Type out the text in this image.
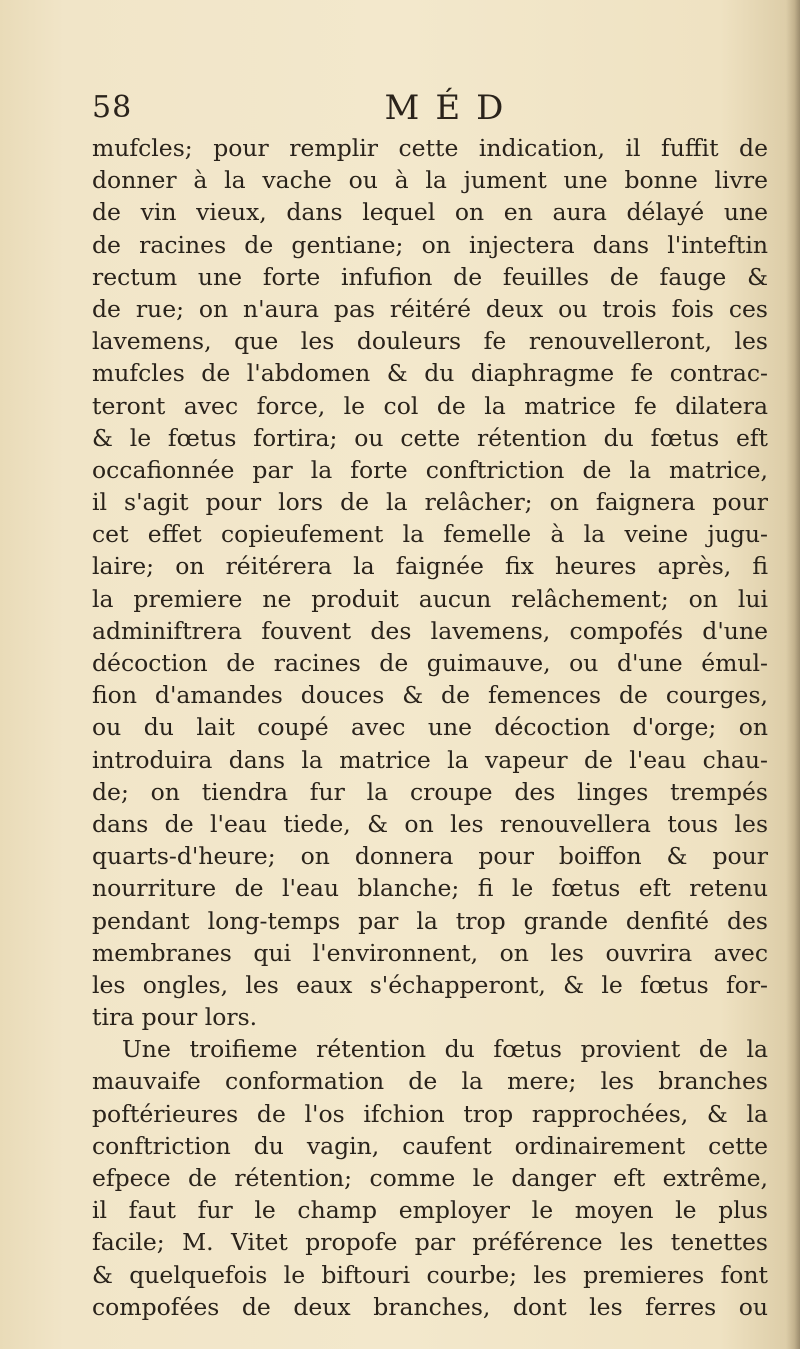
58	MÉD
mufcles; pour remplir cette indication, il fuffit de
donner à la vache ou à la jument une bonne livre
de vin vieux, dans lequel on en aura délayé une
de racines de gentiane; on injectera dans l'inteftin
rectum une forte infufion de feuilles de fauge &
de rue; on n'aura pas réitéré deux ou trois fois ces
lavemens, que les douleurs fe renouvelleront, les
mufcles de l'abdomen & du diaphragme fe contrac-
teront avec force, le col de la matrice fe dilatera
& le fœtus fortira; ou cette rétention du fœtus eft
occafionnée par la forte conftriction de la matrice,
il s'agit pour lors de la relâcher; on faignera pour
cet effet copieufement la femelle à la veine jugu-
laire; on réitérera la faignée fix heures après, fi
la premiere ne produit aucun relâchement; on lui
adminiftrera fouvent des lavemens, compofés d'une
décoction de racines de guimauve, ou d'une émul-
fion d'amandes douces & de femences de courges,
ou du lait coupé avec une décoction d'orge; on
introduira dans la matrice la vapeur de l'eau chau-
de; on tiendra fur la croupe des linges trempés
dans de l'eau tiede, & on les renouvellera tous les
quarts-d'heure; on donnera pour boiffon & pour
nourriture de l'eau blanche; fi le fœtus eft retenu
pendant long-temps par la trop grande denfité des
membranes qui l'environnent, on les ouvrira avec
les ongles, les eaux s'échapperont, & le fœtus for-
tira pour lors.
Une troifieme rétention du fœtus provient de la
mauvaife conformation de la mere; les branches
poftérieures de l'os ifchion trop rapprochées, & la
conftriction du vagin, caufent ordinairement cette
efpece de rétention; comme le danger eft extrême,
il faut fur le champ employer le moyen le plus
facile; M. Vitet propofe par préférence les tenettes
& quelquefois le biftouri courbe; les premieres font
compofées de deux branches, dont les ferres ou
